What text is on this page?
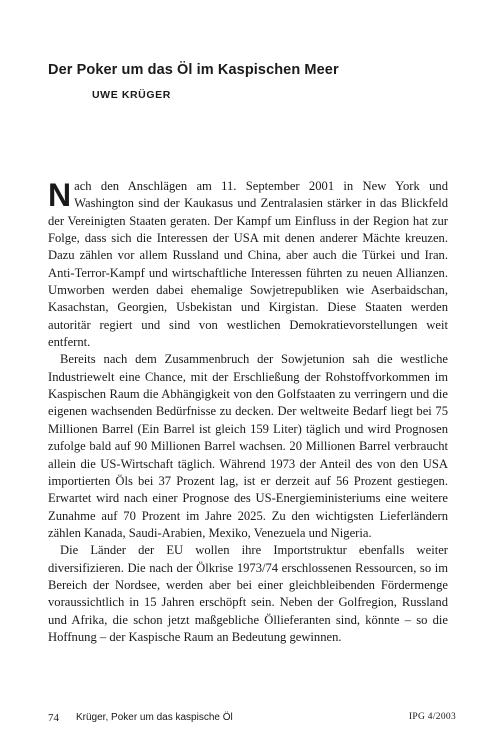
Der Poker um das Öl im Kaspischen Meer
UWE KRÜGER

Nach den Anschlägen am 11. September 2001 in New York und Washington sind der Kaukasus und Zentralasien stärker in das Blickfeld der Vereinigten Staaten geraten. Der Kampf um Einfluss in der Region hat zur Folge, dass sich die Interessen der USA mit denen anderer Mächte kreuzen. Dazu zählen vor allem Russland und China, aber auch die Türkei und Iran. Anti-Terror-Kampf und wirtschaftliche Interessen führten zu neuen Allianzen. Umworben werden dabei ehemalige Sowjetrepubliken wie Aserbaidschan, Kasachstan, Georgien, Usbekistan und Kirgistan. Diese Staaten werden autoritär regiert und sind von westlichen Demokratievorstellungen weit entfernt.

Bereits nach dem Zusammenbruch der Sowjetunion sah die westliche Industriewelt eine Chance, mit der Erschließung der Rohstoffvorkommen im Kaspischen Raum die Abhängigkeit von den Golfstaaten zu verringern und die eigenen wachsenden Bedürfnisse zu decken. Der weltweite Bedarf liegt bei 75 Millionen Barrel (Ein Barrel ist gleich 159 Liter) täglich und wird Prognosen zufolge bald auf 90 Millionen Barrel wachsen. 20 Millionen Barrel verbraucht allein die US-Wirtschaft täglich. Während 1973 der Anteil des von den USA importierten Öls bei 37 Prozent lag, ist er derzeit auf 56 Prozent gestiegen. Erwartet wird nach einer Prognose des US-Energieministeriums eine weitere Zunahme auf 70 Prozent im Jahre 2025. Zu den wichtigsten Lieferländern zählen Kanada, Saudi-Arabien, Mexiko, Venezuela und Nigeria.

Die Länder der EU wollen ihre Importstruktur ebenfalls weiter diversifizieren. Die nach der Ölkrise 1973/74 erschlossenen Ressourcen, so im Bereich der Nordsee, werden aber bei einer gleichbleibenden Fördermenge voraussichtlich in 15 Jahren erschöpft sein. Neben der Golfregion, Russland und Afrika, die schon jetzt maßgebliche Öllieferanten sind, könnte – so die Hoffnung – der Kaspische Raum an Bedeutung gewinnen.

74 Krüger, Poker um das kaspische Öl	IPG 4/2003
